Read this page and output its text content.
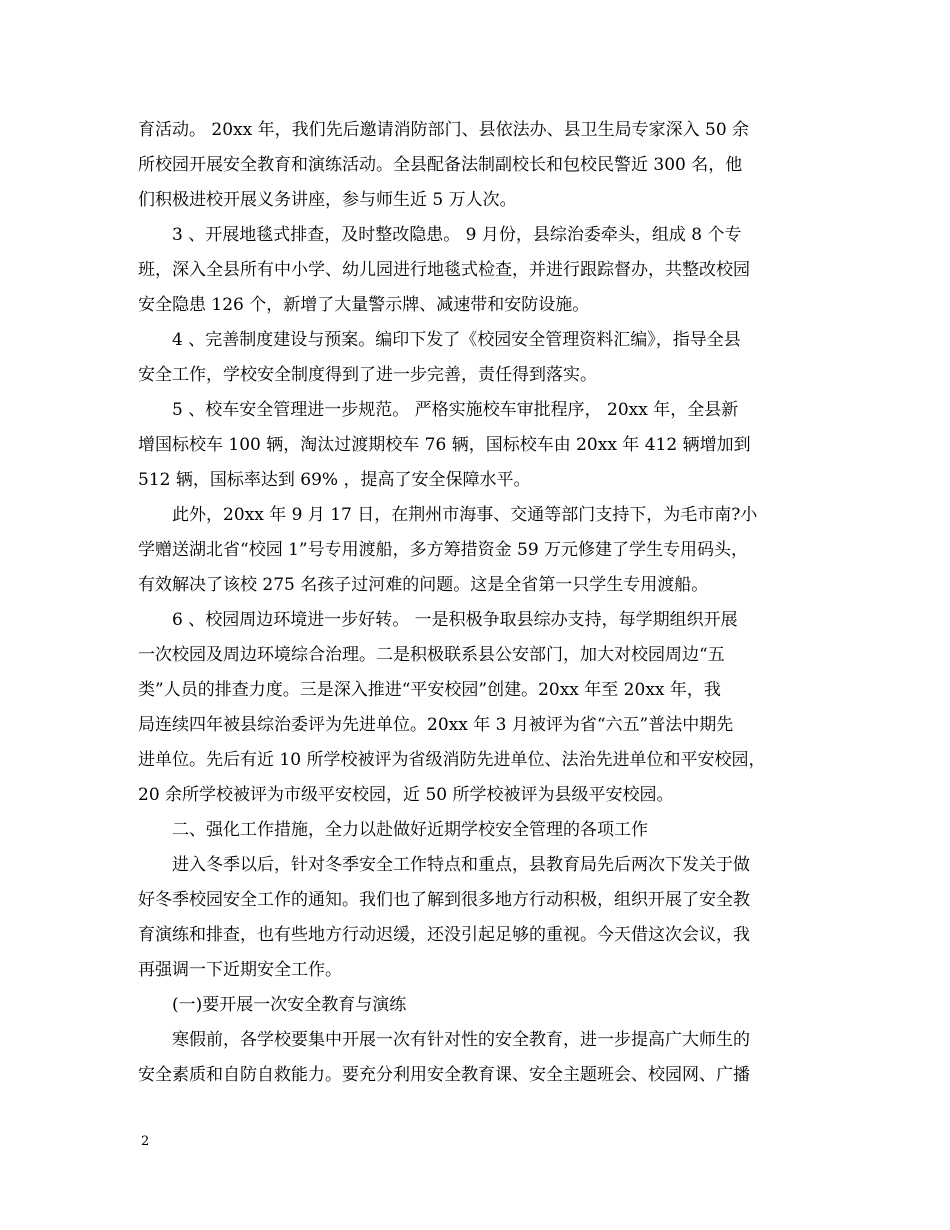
育活动。 20xx 年，我们先后邀请消防部门、县依法办、县卫生局专家深入 50 余
所校园开展安全教育和演练活动。全县配备法制副校长和包校民警近 300 名，他
们积极进校开展义务讲座，参与师生近 5 万人次。
3 、开展地毯式排查，及时整改隐患。 9 月份，县综治委牵头，组成 8 个专
班，深入全县所有中小学、幼儿园进行地毯式检查，并进行跟踪督办，共整改校园
安全隐患 126 个，新增了大量警示牌、减速带和安防设施。
4 、完善制度建设与预案。编印下发了《校园安全管理资料汇编》，指导全县
安全工作，学校安全制度得到了进一步完善，责任得到落实。
5 、校车安全管理进一步规范。 严格实施校车审批程序， 20xx 年，全县新
增国标校车 100 辆，淘汰过渡期校车 76 辆，国标校车由 20xx 年 412 辆增加到
512 辆，国标率达到 69% ，提高了安全保障水平。
此外，20xx 年 9 月 17 日，在荆州市海事、交通等部门支持下，为毛市南?小
学赠送湖北省“校园 1”号专用渡船，多方筹措资金 59 万元修建了学生专用码头，
有效解决了该校 275 名孩子过河难的问题。这是全省第一只学生专用渡船。
6 、校园周边环境进一步好转。 一是积极争取县综办支持，每学期组织开展
一次校园及周边环境综合治理。二是积极联系县公安部门，加大对校园周边“五
类”人员的排查力度。三是深入推进“平安校园”创建。20xx 年至 20xx 年，我
局连续四年被县综治委评为先进单位。20xx 年 3 月被评为省“六五”普法中期先
进单位。先后有近 10 所学校被评为省级消防先进单位、法治先进单位和平安校园，
20 余所学校被评为市级平安校园，近 50 所学校被评为县级平安校园。
二、强化工作措施，全力以赴做好近期学校安全管理的各项工作
进入冬季以后，针对冬季安全工作特点和重点，县教育局先后两次下发关于做
好冬季校园安全工作的通知。我们也了解到很多地方行动积极，组织开展了安全教
育演练和排查，也有些地方行动迟缓，还没引起足够的重视。今天借这次会议，我
再强调一下近期安全工作。
(一)要开展一次安全教育与演练
寒假前，各学校要集中开展一次有针对性的安全教育，进一步提高广大师生的
安全素质和自防自救能力。要充分利用安全教育课、安全主题班会、校园网、广播
2
